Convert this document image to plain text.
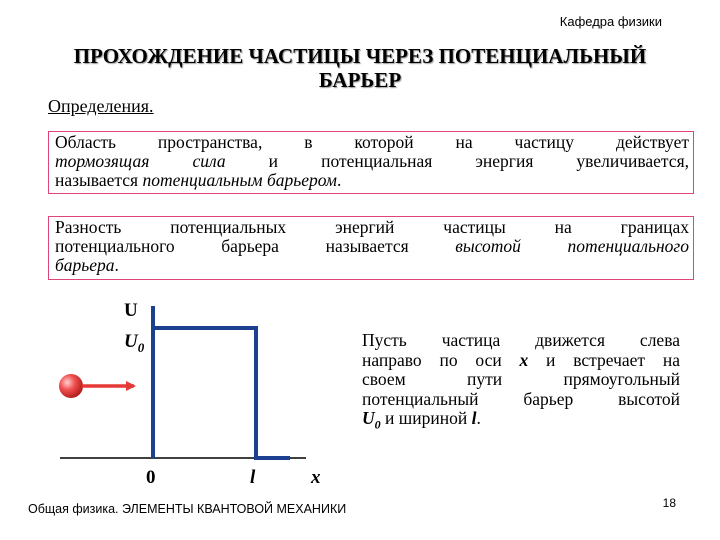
Кафедра физики
ПРОХОЖДЕНИЕ ЧАСТИЦЫ ЧЕРЕЗ ПОТЕНЦИАЛЬНЫЙ
БАРЬЕР
Определения.

Область пространства, в которой на частицу действует
тормозящая сила и потенциальная энергия увеличивается,
называется потенциальным барьером.

Разность потенциальных энергий частицы на границах
потенциального барьера называется высотой потенциального
барьера.

U
$U_0$
0	l	x
Пусть частица движется слева
направо по оси x и встречает на
своем пути прямоугольный
потенциальный барьер высотой
$U_0$ и шириной l.
Общая физика. ЭЛЕМЕНТЫ КВАНТОВОЙ МЕХАНИКИ	18
